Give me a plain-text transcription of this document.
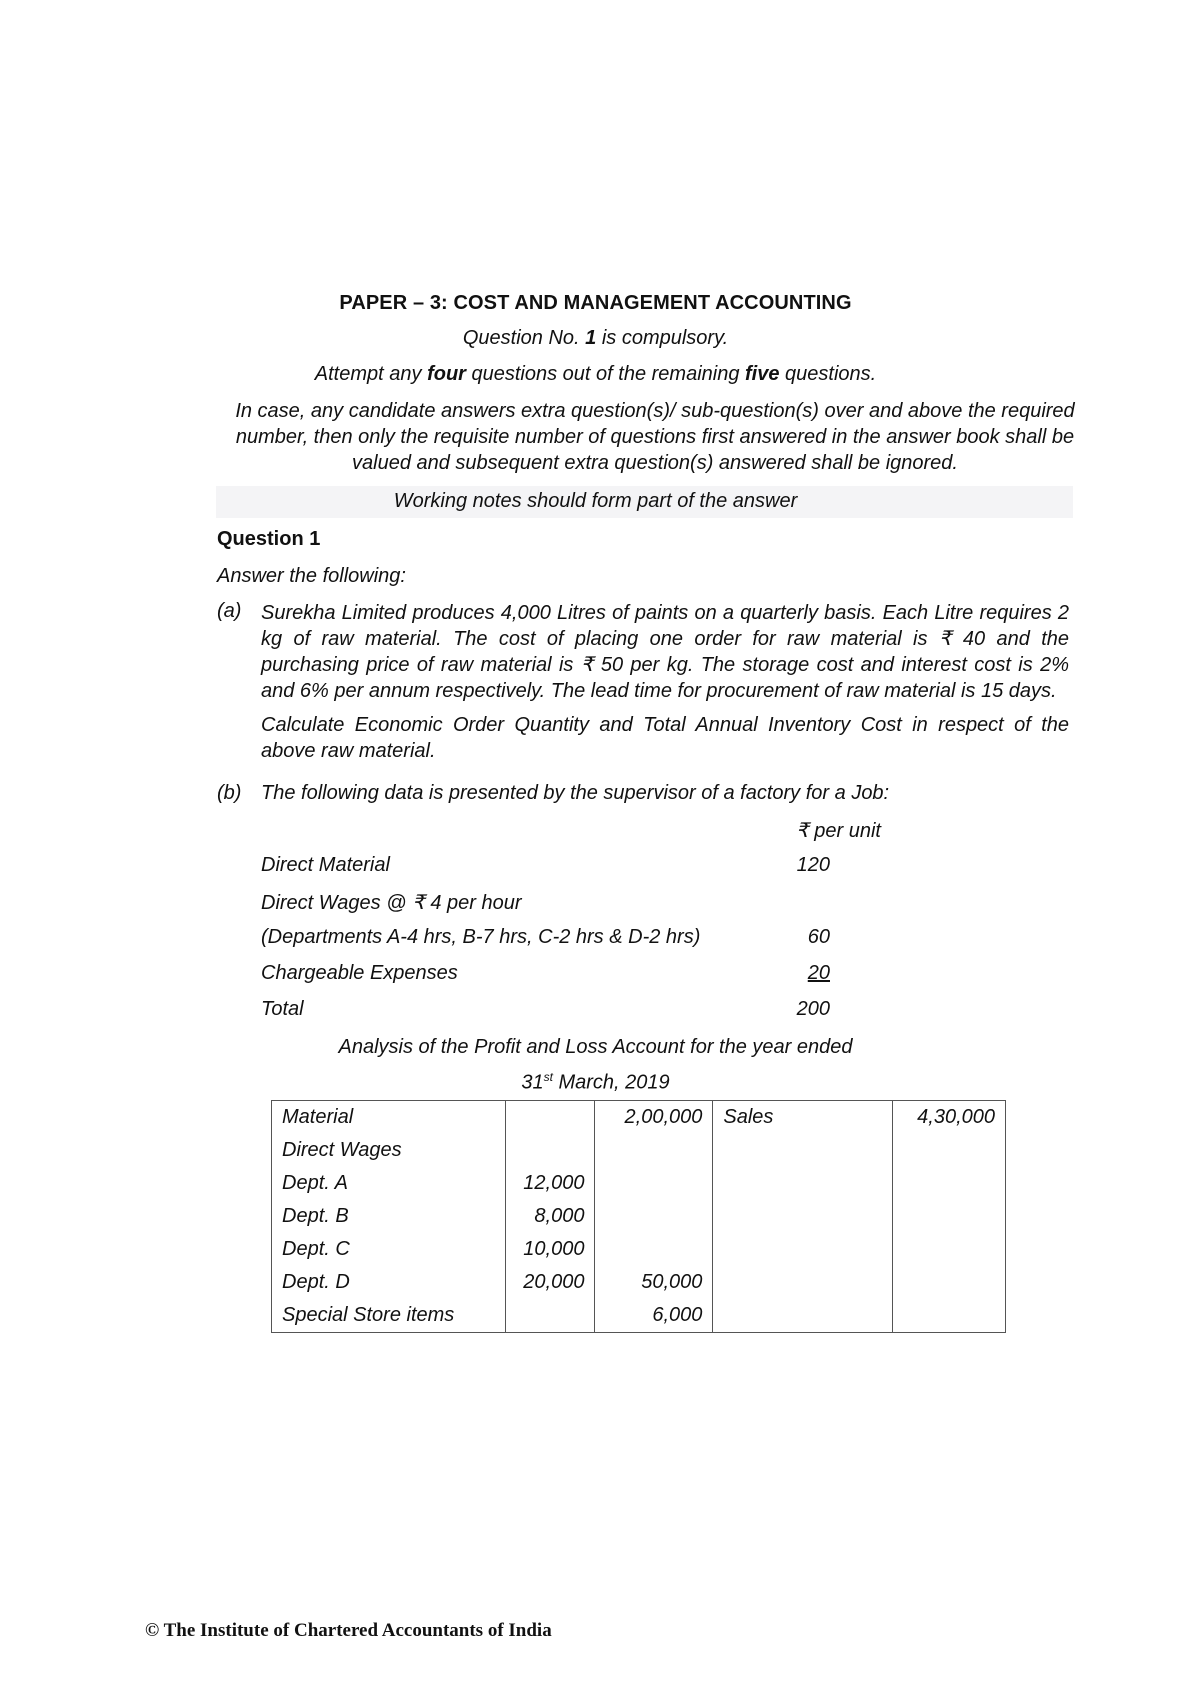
PAPER – 3: COST AND MANAGEMENT ACCOUNTING
Question No. 1 is compulsory.
Attempt any four questions out of the remaining five questions.
In case, any candidate answers extra question(s)/ sub-question(s) over and above the required
number, then only the requisite number of questions first answered in the answer book shall be
valued and subsequent extra question(s) answered shall be ignored.
Working notes should form part of the answer
Question 1
Answer the following:
(a) Surekha Limited produces 4,000 Litres of paints on a quarterly basis. Each Litre requires 2 kg of raw material. The cost of placing one order for raw material is ₹ 40 and the purchasing price of raw material is ₹ 50 per kg. The storage cost and interest cost is 2% and 6% per annum respectively. The lead time for procurement of raw material is 15 days.
Calculate Economic Order Quantity and Total Annual Inventory Cost in respect of the above raw material.
(b) The following data is presented by the supervisor of a factory for a Job:
₹ per unit
Direct Material	120
Direct Wages @ ₹ 4 per hour
(Departments A-4 hrs, B-7 hrs, C-2 hrs & D-2 hrs)	60
Chargeable Expenses	20
Total	200
Analysis of the Profit and Loss Account for the year ended
31st March, 2019
Material		2,00,000	Sales	4,30,000
Direct Wages				
Dept. A	12,000			
Dept. B	8,000			
Dept. C	10,000			
Dept. D	20,000	50,000		
Special Store items		6,000		
© The Institute of Chartered Accountants of India
